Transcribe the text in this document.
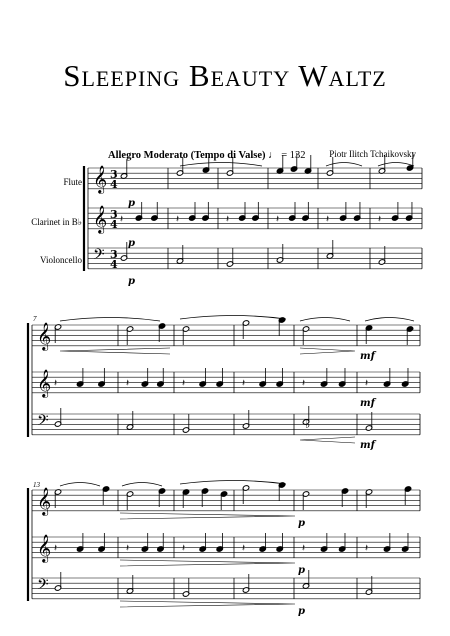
Sleeping Beauty Waltz
Piotr Ilitch Tchaikovsky
Allegro Moderato (Tempo di Valse) ♩ = 132
Flute
Clarinet in B♭
Violoncello
𝄞
𝄞
𝄢
3
4
3
4
3
4
𝄽	𝄽	𝄽	𝄽	𝄽	𝄽
p
p
p
𝄞
𝄞
𝄢
𝄽	𝄽	𝄽	𝄽	𝄽	𝄽
mf
mf
mf
♭
𝄞
𝄞
𝄢
𝄽	𝄽	𝄽	𝄽	𝄽	𝄽
p
p
p
7
13
